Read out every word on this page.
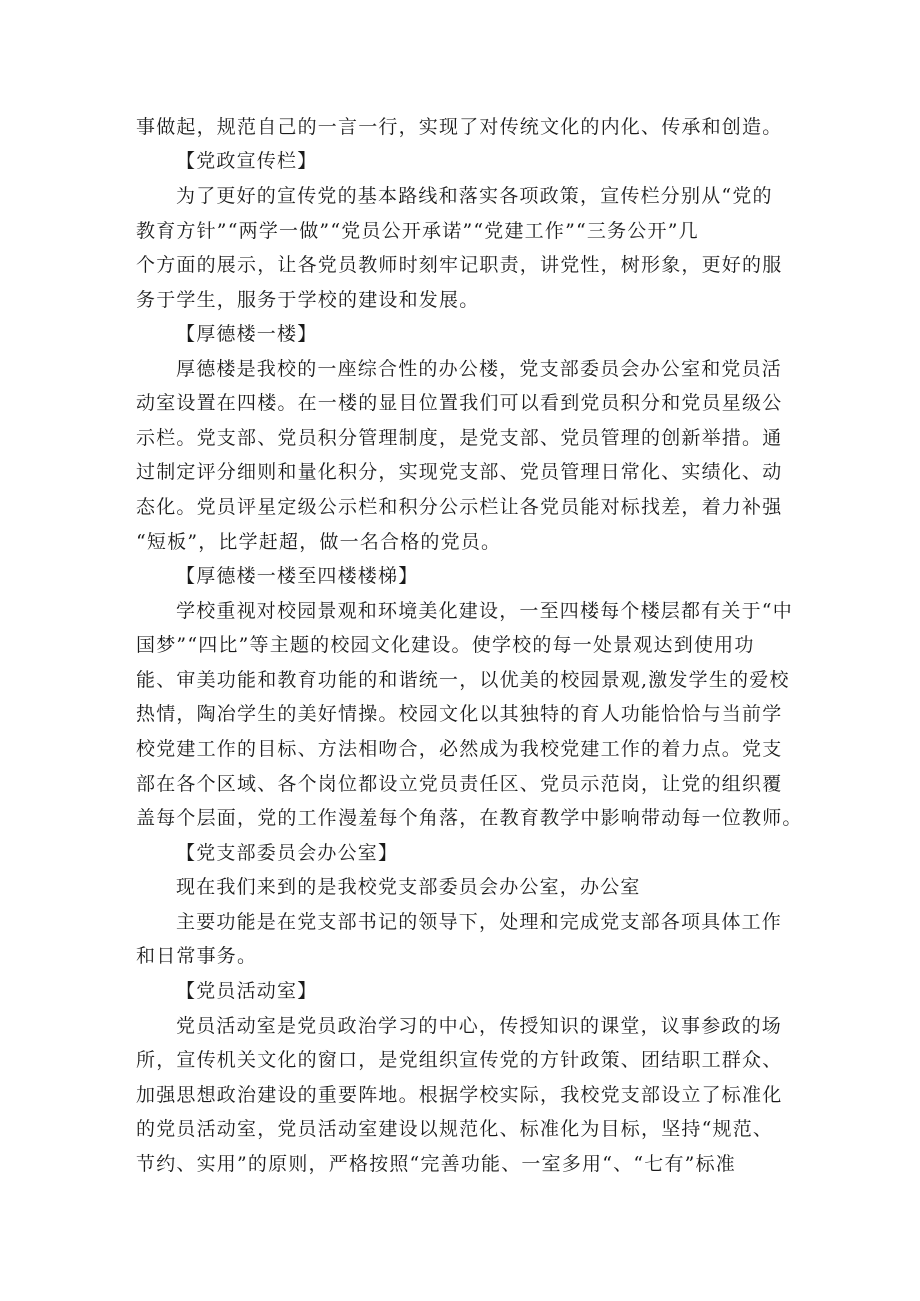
事做起，规范自己的一言一行，实现了对传统文化的内化、传承和创造。
【党政宣传栏】
为了更好的宣传党的基本路线和落实各项政策，宣传栏分别从“党的
教育方针”“两学一做”“党员公开承诺”“党建工作”“三务公开”几
个方面的展示，让各党员教师时刻牢记职责，讲党性，树形象，更好的服
务于学生，服务于学校的建设和发展。
【厚德楼一楼】
厚德楼是我校的一座综合性的办公楼，党支部委员会办公室和党员活
动室设置在四楼。在一楼的显目位置我们可以看到党员积分和党员星级公
示栏。党支部、党员积分管理制度，是党支部、党员管理的创新举措。通
过制定评分细则和量化积分，实现党支部、党员管理日常化、实绩化、动
态化。党员评星定级公示栏和积分公示栏让各党员能对标找差，着力补强
“短板”，比学赶超，做一名合格的党员。
【厚德楼一楼至四楼楼梯】
学校重视对校园景观和环境美化建设，一至四楼每个楼层都有关于“中
国梦”“四比”等主题的校园文化建设。使学校的每一处景观达到使用功
能、审美功能和教育功能的和谐统一，以优美的校园景观,激发学生的爱校
热情，陶冶学生的美好情操。校园文化以其独特的育人功能恰恰与当前学
校党建工作的目标、方法相吻合，必然成为我校党建工作的着力点。党支
部在各个区域、各个岗位都设立党员责任区、党员示范岗，让党的组织覆
盖每个层面，党的工作漫羞每个角落，在教育教学中影响带动每一位教师。
【党支部委员会办公室】
现在我们来到的是我校党支部委员会办公室，办公室
主要功能是在党支部书记的领导下，处理和完成党支部各项具体工作
和日常事务。
【党员活动室】
党员活动室是党员政治学习的中心，传授知识的课堂，议事参政的场
所，宣传机关文化的窗口，是党组织宣传党的方针政策、团结职工群众、
加强思想政治建设的重要阵地。根据学校实际，我校党支部设立了标准化
的党员活动室，党员活动室建设以规范化、标准化为目标，坚持“规范、
节约、实用”的原则，严格按照“完善功能、一室多用“、“七有”标准
